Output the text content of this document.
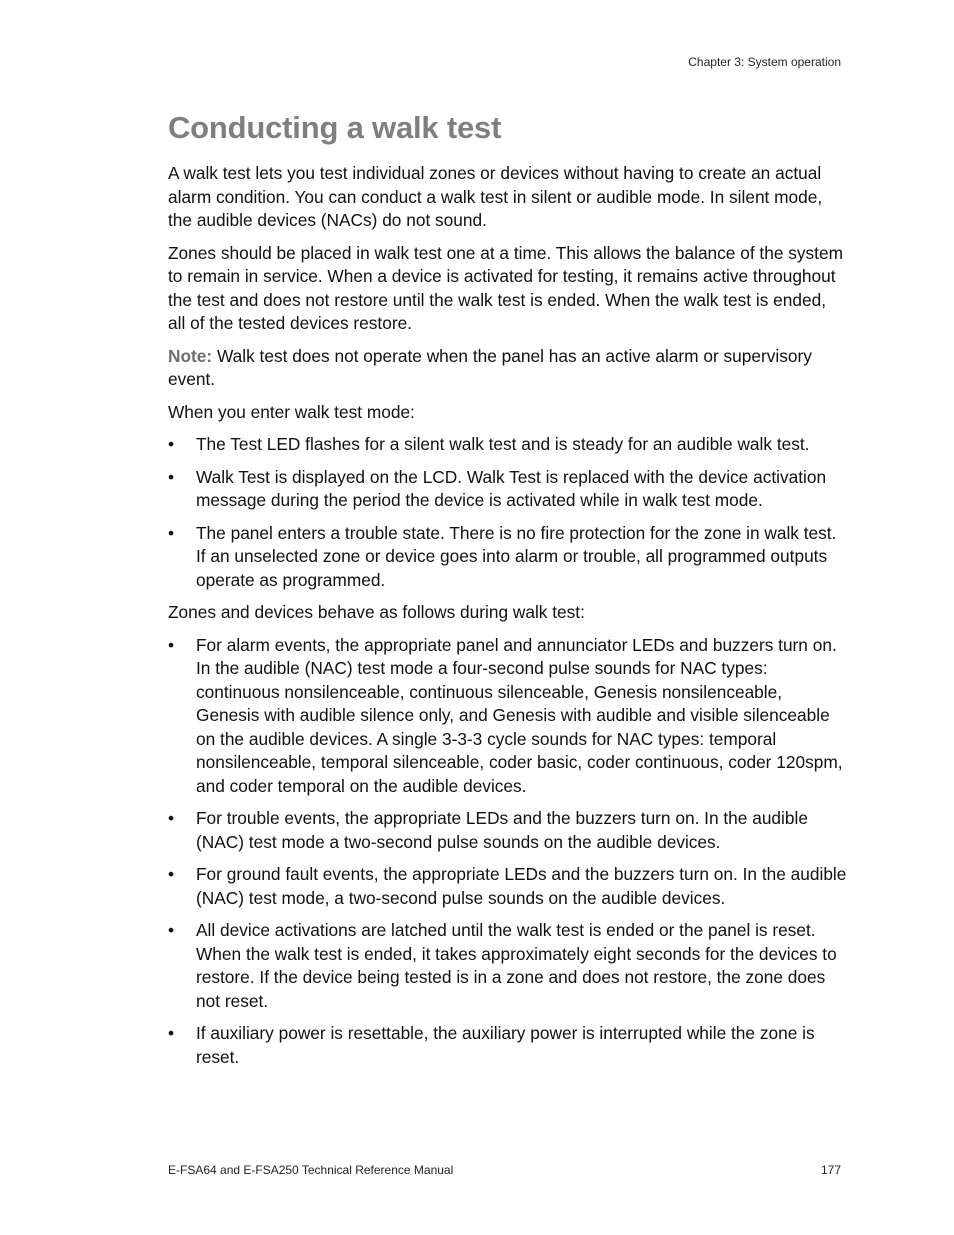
Chapter 3: System operation
Conducting a walk test

A walk test lets you test individual zones or devices without having to create an actual alarm condition. You can conduct a walk test in silent or audible mode. In silent mode, the audible devices (NACs) do not sound.

Zones should be placed in walk test one at a time. This allows the balance of the system to remain in service. When a device is activated for testing, it remains active throughout the test and does not restore until the walk test is ended. When the walk test is ended, all of the tested devices restore.

Note: Walk test does not operate when the panel has an active alarm or supervisory event.

When you enter walk test mode:

• The Test LED flashes for a silent walk test and is steady for an audible walk test.
• Walk Test is displayed on the LCD. Walk Test is replaced with the device activation message during the period the device is activated while in walk test mode.
• The panel enters a trouble state. There is no fire protection for the zone in walk test. If an unselected zone or device goes into alarm or trouble, all programmed outputs operate as programmed.

Zones and devices behave as follows during walk test:

• For alarm events, the appropriate panel and annunciator LEDs and buzzers turn on. In the audible (NAC) test mode a four-second pulse sounds for NAC types: continuous nonsilenceable, continuous silenceable, Genesis nonsilenceable, Genesis with audible silence only, and Genesis with audible and visible silenceable on the audible devices. A single 3-3-3 cycle sounds for NAC types: temporal nonsilenceable, temporal silenceable, coder basic, coder continuous, coder 120spm, and coder temporal on the audible devices.
• For trouble events, the appropriate LEDs and the buzzers turn on. In the audible (NAC) test mode a two-second pulse sounds on the audible devices.
• For ground fault events, the appropriate LEDs and the buzzers turn on. In the audible (NAC) test mode, a two-second pulse sounds on the audible devices.
• All device activations are latched until the walk test is ended or the panel is reset. When the walk test is ended, it takes approximately eight seconds for the devices to restore. If the device being tested is in a zone and does not restore, the zone does not reset.
• If auxiliary power is resettable, the auxiliary power is interrupted while the zone is reset.
E-FSA64 and E-FSA250 Technical Reference Manual	177
